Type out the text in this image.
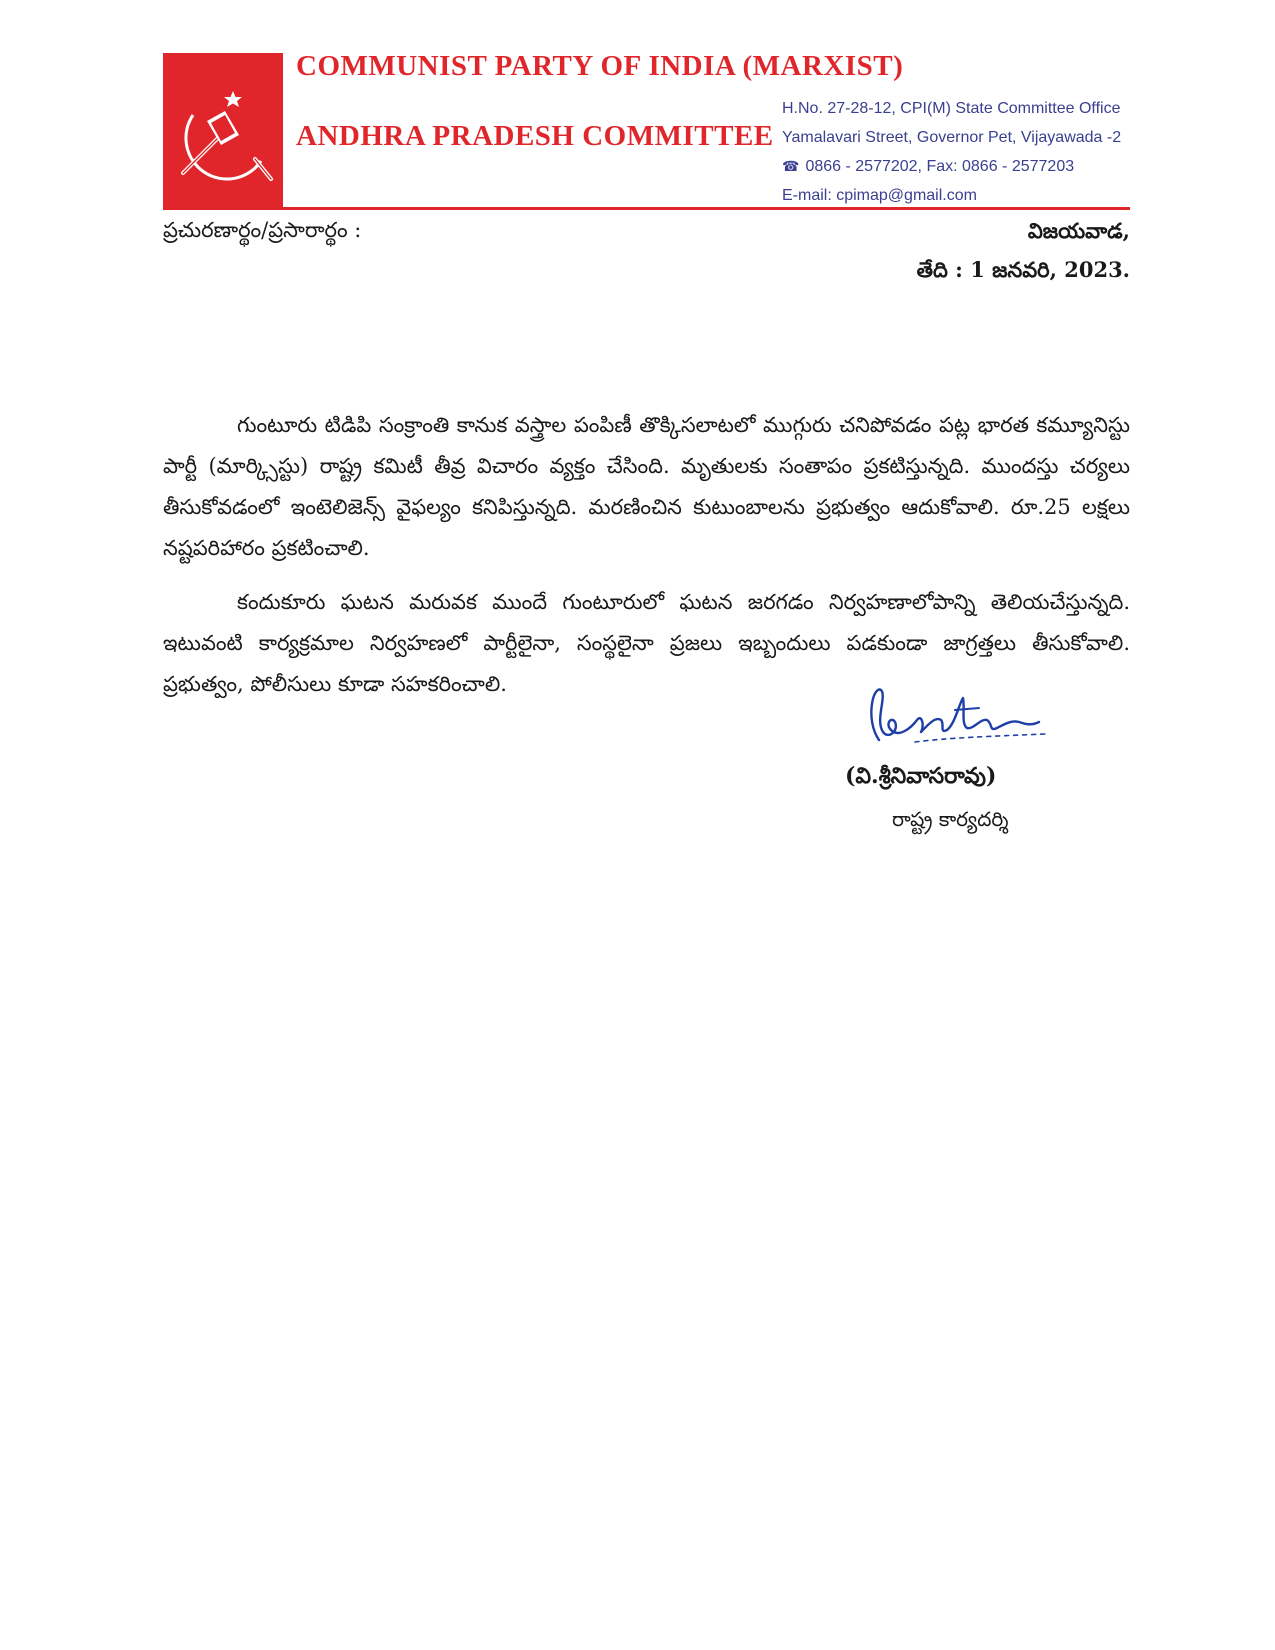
COMMUNIST PARTY OF INDIA (MARXIST)
ANDHRA PRADESH COMMITTEE
H.No. 27-28-12, CPI(M) State Committee Office
Yamalavari Street, Governor Pet, Vijayawada -2
☎ 0866 - 2577202, Fax: 0866 - 2577203
E-mail: cpimap@gmail.com
ప్రచురణార్థం/ప్రసారార్థం :	విజయవాడ,
తేది : 1 జనవరి, 2023.

గుంటూరు టిడిపి సంక్రాంతి కానుక వస్త్రాల పంపిణీ తొక్కిసలాటలో ముగ్గురు చనిపోవడం పట్ల భారత కమ్యూనిస్టు పార్టీ (మార్క్సిస్టు) రాష్ట్ర కమిటీ తీవ్ర విచారం వ్యక్తం చేసింది. మృతులకు సంతాపం ప్రకటిస్తున్నది. ముందస్తు చర్యలు తీసుకోవడంలో ఇంటెలిజెన్స్ వైఫల్యం కనిపిస్తున్నది. మరణించిన కుటుంబాలను ప్రభుత్వం ఆదుకోవాలి. రూ.25 లక్షలు నష్టపరిహారం ప్రకటించాలి.

కందుకూరు ఘటన మరువక ముందే గుంటూరులో ఘటన జరగడం నిర్వహణాలోపాన్ని తెలియచేస్తున్నది. ఇటువంటి కార్యక్రమాల నిర్వహణలో పార్టీలైనా, సంస్థలైనా ప్రజలు ఇబ్బందులు పడకుండా జాగ్రత్తలు తీసుకోవాలి. ప్రభుత్వం, పోలీసులు కూడా సహకరించాలి.

(వి.శ్రీనివాసరావు)
రాష్ట్ర కార్యదర్శి
